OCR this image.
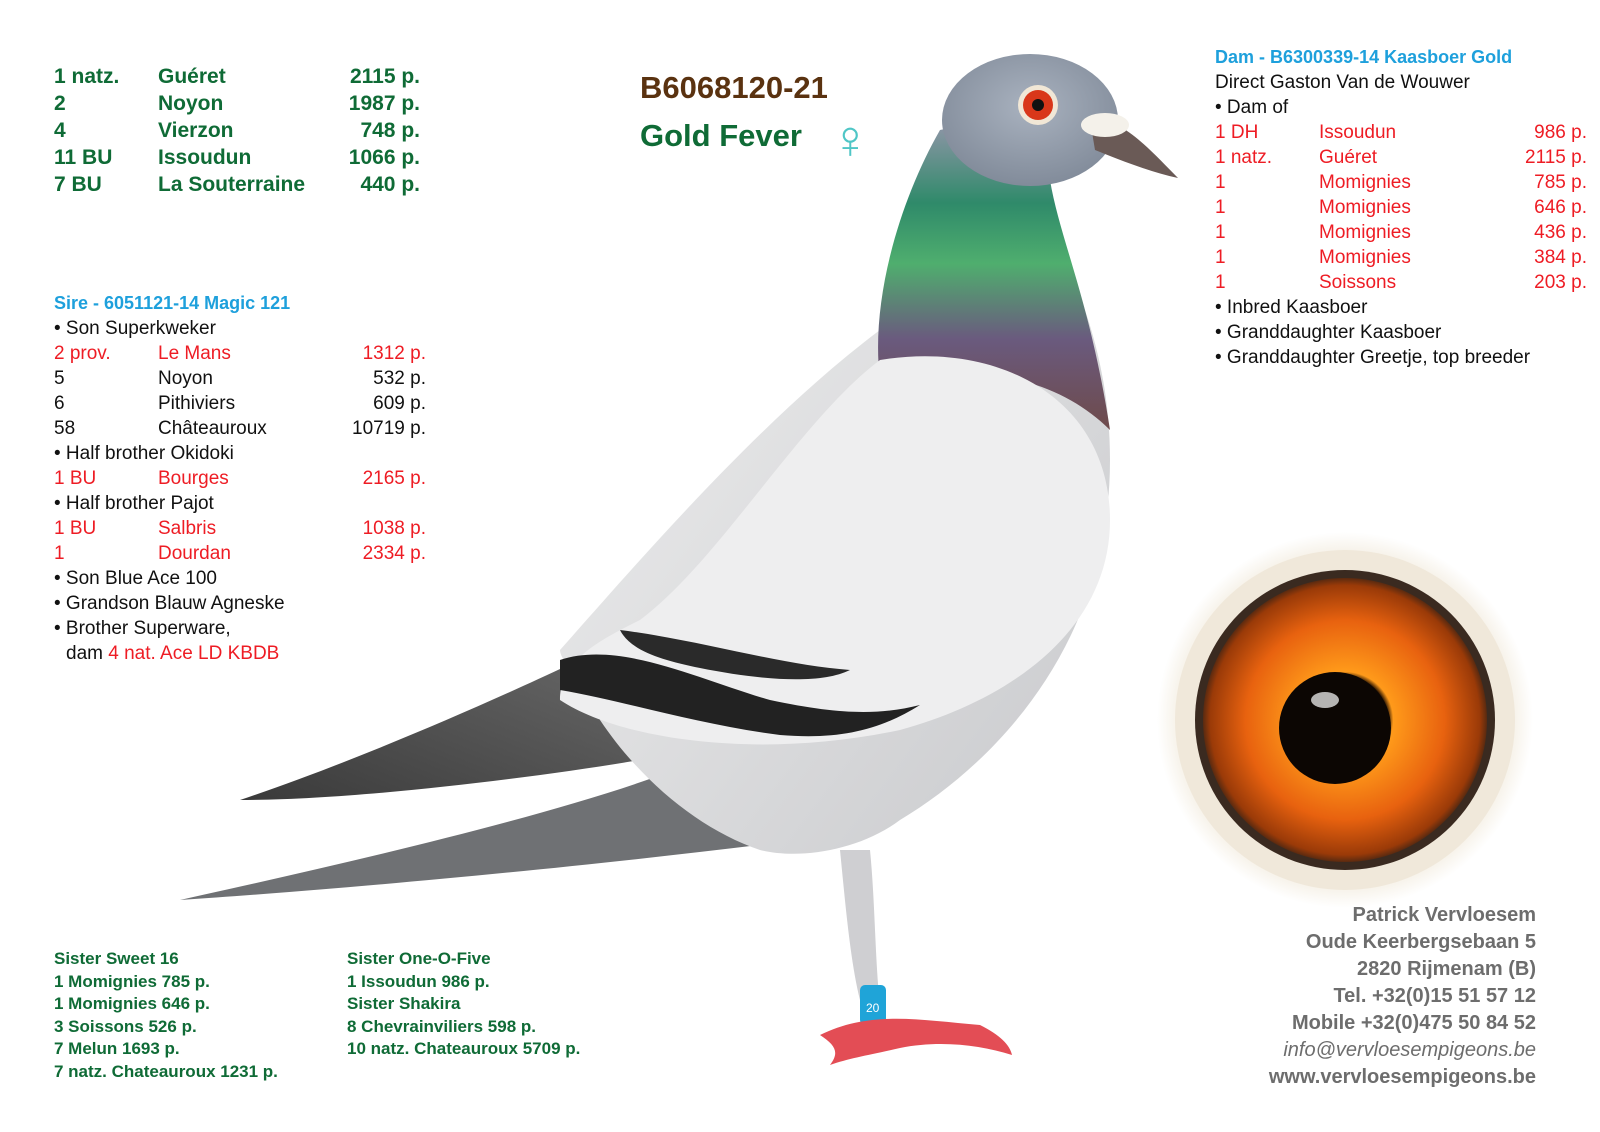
20
1 natz.	Guéret	2115 p.
2	Noyon	1987 p.
4	Vierzon	748 p.
11 BU	Issoudun	1066 p.
7 BU	La Souterraine	440 p.
B6068120-21
Gold Fever ♀
Sire - 6051121-14 Magic 121
• Son Superkweker
2 prov.	Le Mans	1312 p.
5	Noyon	532 p.
6	Pithiviers	609 p.
58	Châteauroux	10719 p.
• Half brother Okidoki
1 BU	Bourges	2165 p.
• Half brother Pajot
1 BU	Salbris	1038 p.
1	Dourdan	2334 p.
• Son Blue Ace 100
• Grandson Blauw Agneske
• Brother Superware,
dam 4 nat. Ace LD KBDB
Dam - B6300339-14 Kaasboer Gold
Direct Gaston Van de Wouwer
• Dam of
1 DH	Issoudun	986 p.
1 natz.	Guéret	2115 p.
1	Momignies	785 p.
1	Momignies	646 p.
1	Momignies	436 p.
1	Momignies	384 p.
1	Soissons	203 p.
• Inbred Kaasboer
• Granddaughter Kaasboer
• Granddaughter Greetje, top breeder
Sister Sweet 16
1 Momignies 785 p.
1 Momignies 646 p.
3 Soissons 526 p.
7 Melun 1693 p.
7 natz. Chateauroux 1231 p.
Sister One-O-Five
1 Issoudun 986 p.
Sister Shakira
8 Chevrainviliers 598 p.
10 natz. Chateauroux 5709 p.
Patrick Vervloesem
Oude Keerbergsebaan 5
2820 Rijmenam (B)
Tel. +32(0)15 51 57 12
Mobile +32(0)475 50 84 52
info@vervloesempigeons.be
www.vervloesempigeons.be
